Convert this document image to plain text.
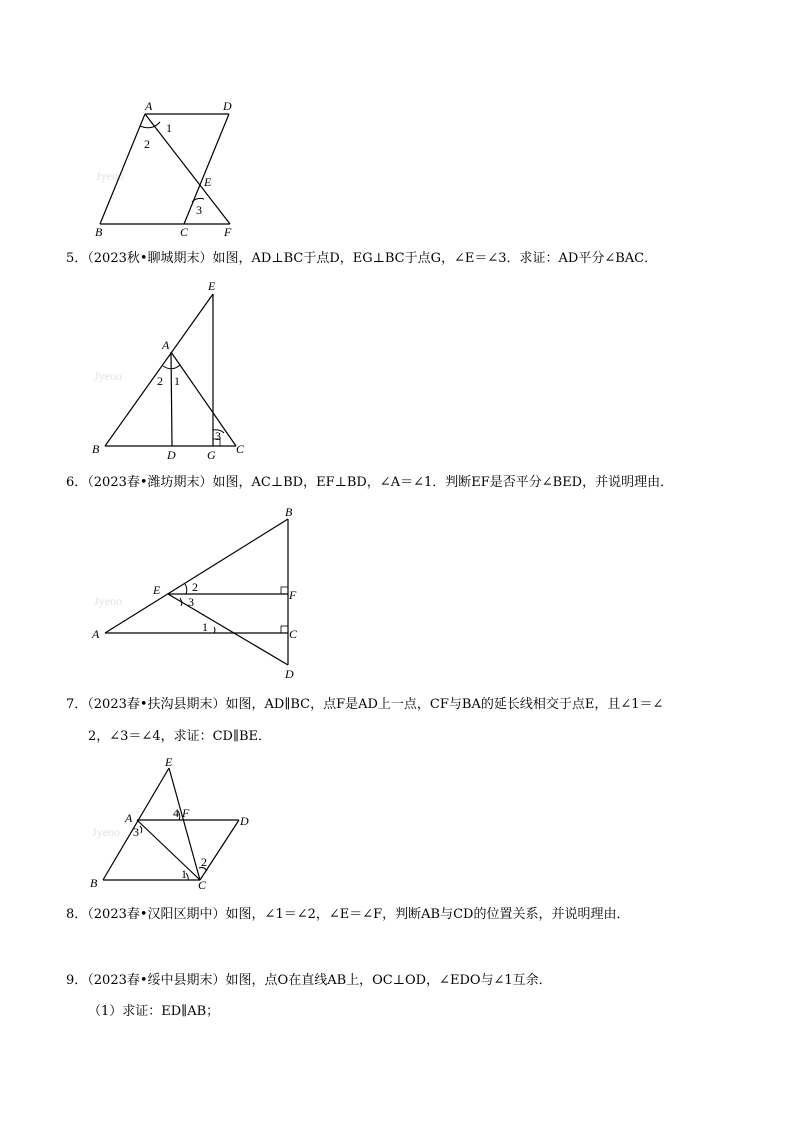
Jyeoo
A	D
B	C	F
E
1
2
3
5．（2023秋•聊城期末）如图，AD⊥BC于点D，EG⊥BC于点G，∠E＝∠3．求证：AD平分∠BAC．
Jyeoo
E
A
B	D	G C
2 1
3
6．（2023春•潍坊期末）如图，AC⊥BD，EF⊥BD，∠A＝∠1．判断EF是否平分∠BED，并说明理由．
Jyeoo
B
E	F
A	C
D
2
3
1
7．（2023春•扶沟县期末）如图，AD∥BC，点F是AD上一点，CF与BA的延长线相交于点E，且∠1＝∠
2，∠3＝∠4，求证：CD∥BE．
Jyeoo
E
A	F
D
B	C
4
3
1
2
8．（2023春•汉阳区期中）如图，∠1＝∠2，∠E＝∠F，判断AB与CD的位置关系，并说明理由．
9．（2023春•绥中县期末）如图，点O在直线AB上，OC⊥OD，∠EDO与∠1互余．
（1）求证：ED∥AB；
